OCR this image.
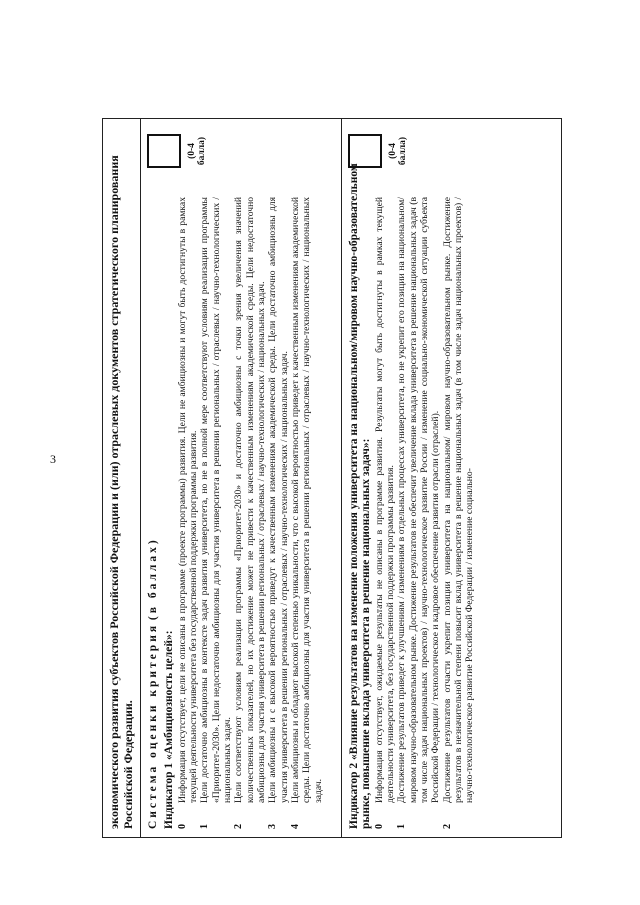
3	экономического развития субъектов Российской Федерации и (или) отраслевых документов стратегического планирования Российской Федерации. Система оценки критерия (в баллах)
Индикатор 1 «Амбициозность целей»: 0
Информация отсутствует, цели не описаны в программе (проекте программы) развития. Цели не амбициозны и могут быть достигнуты в рамках текущей деятельности университета без государственной поддержки программы развития.
1
Цели достаточно амбициозны в контексте задач развития университета, но не в полной мере соответствуют условиям реализации программы «Приоритет-2030». Цели недостаточно амбициозны для участия университета в решении региональных / отраслевых / научно-технологических / национальных задач.
2
Цели соответствуют условиям реализации программы «Приоритет-2030» и достаточно амбициозны с точки зрения увеличения значений количественных показателей, но их достижение может не привести к качественным изменениям академической среды. Цели недостаточно амбициозны для участия университета в решении региональных / отраслевых / научно-технологических / национальных задач.
3
Цели амбициозны и с высокой вероятностью приведут к качественным изменениям академической среды. Цели достаточно амбициозны для участия университета в решении региональных / отраслевых / научно-технологических / национальных задач.
4
Цели амбициозны и обладают высокой степенью уникальности, что с высокой вероятностью приведет к качественным изменениям академической среды. Цели достаточно амбициозны для участия университета в решении региональных / отраслевых / научно-технологических / национальных задач.
(0-4 балла)
Индикатор 2 «Влияние результатов на изменение положения университета на национальном/мировом научно-образовательном рынке, повышение вклада университета в решение национальных задач»: 0
Информация отсутствует, ожидаемые результаты не описаны в программе развития. Результаты могут быть достигнуты в рамках текущей деятельности университета, без государственной поддержки программы развития.
1
Достижение результатов приведет к улучшениям / изменениям в отдельных процессах университета, но не укрепит его позиции на национальном/ мировом научно-образовательном рынке. Достижение результатов не обеспечит увеличение вклада университета в решение национальных задач (в том числе задач национальных проектов) / научно-технологическое развитие России / изменение социально-экономической ситуации субъекта Российской Федерации / технологическое и кадровое обеспечение развития отрасли (отраслей).
2
Достижение результатов отчасти укрепит позиции университета на национальном/ мировом научно-образовательном рынке. Достижение результатов в незначительной степени повысит вклад университета в решение национальных задач (в том числе задач национальных проектов) / научно-технологическое развитие Российской Федерации / изменение социально-
(0-4 балла)
